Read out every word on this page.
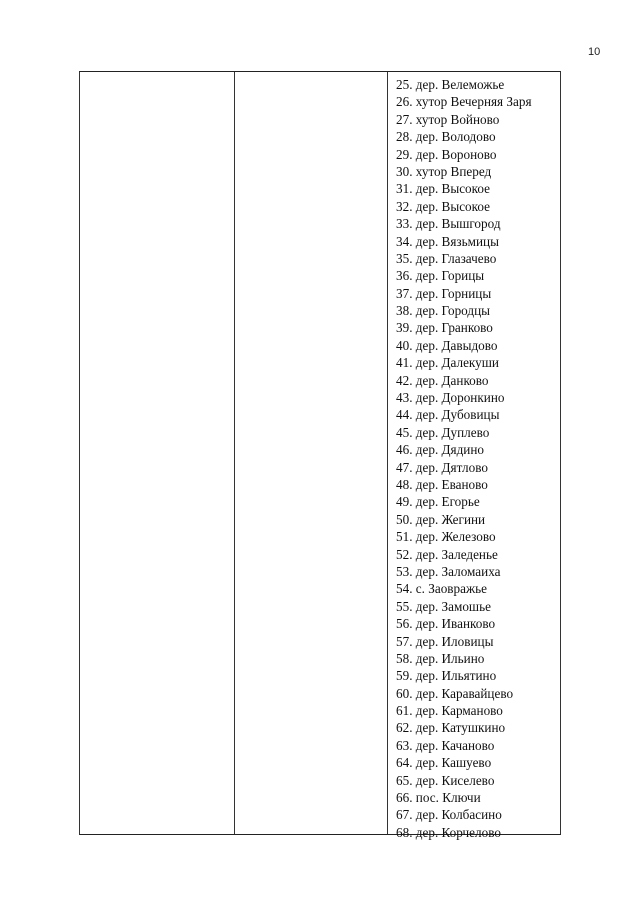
10
25. дер. Велеможье
26. хутор Вечерняя Заря
27. хутор Войново
28. дер. Володово
29. дер. Вороново
30. хутор Вперед
31. дер. Высокое
32. дер. Высокое
33. дер. Вышгород
34. дер. Вязьмицы
35. дер. Глазачево
36. дер. Горицы
37. дер. Горницы
38. дер. Городцы
39. дер. Гранково
40. дер. Давыдово
41. дер. Далекуши
42. дер. Данково
43. дер. Доронкино
44. дер. Дубовицы
45. дер. Дуплево
46. дер. Дядино
47. дер. Дятлово
48. дер. Еваново
49. дер. Егорье
50. дер. Жегини
51. дер. Железово
52. дер. Заледенье
53. дер. Заломаиха
54. с. Заовражье
55. дер. Замошье
56. дер. Иванково
57. дер. Иловицы
58. дер. Ильино
59. дер. Ильятино
60. дер. Каравайцево
61. дер. Карманово
62. дер. Катушкино
63. дер. Качаново
64. дер. Кашуево
65. дер. Киселево
66. пос. Ключи
67. дер. Колбасино
68. дер. Корчелово
